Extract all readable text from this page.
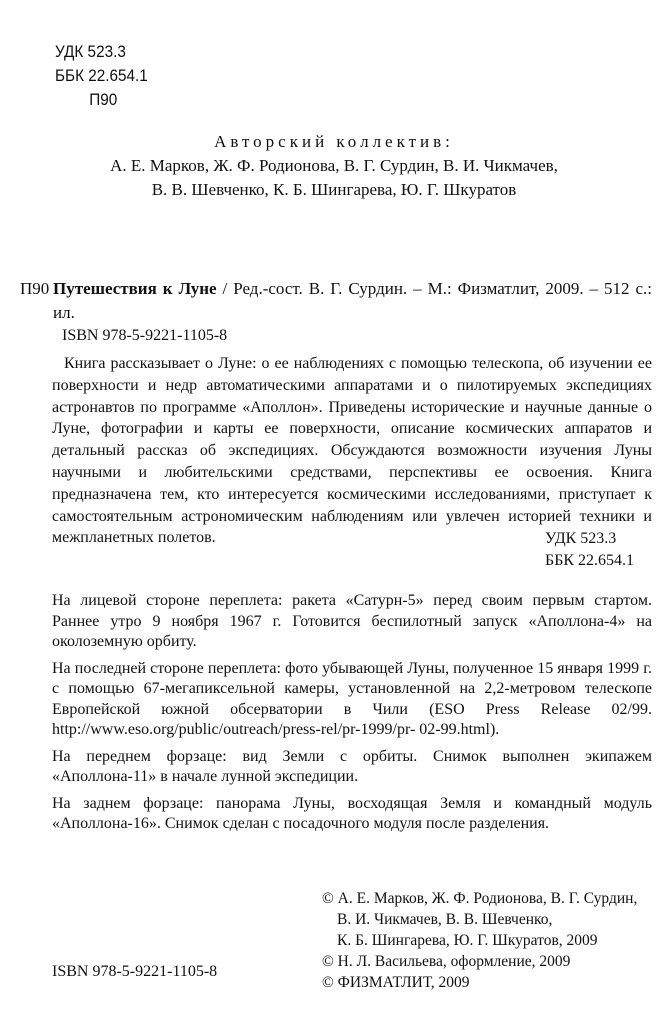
УДК 523.3
ББК 22.654.1
П90
Авторский коллектив:
А. Е. Марков, Ж. Ф. Родионова, В. Г. Сурдин, В. И. Чикмачев,
В. В. Шевченко, К. Б. Шингарева, Ю. Г. Шкуратов
П90 Путешествия к Луне / Ред.-сост. В. Г. Сурдин. – М.: Физматлит, 2009. – 512 с.: ил.
ISBN 978-5-9221-1105-8
Книга рассказывает о Луне: о ее наблюдениях с помощью телескопа, об изучении ее поверхности и недр автоматическими аппаратами и о пилотируемых экспедициях астронавтов по программе «Аполлон». Приведены исторические и научные данные о Луне, фотографии и карты ее поверхности, описание космических аппаратов и детальный рассказ об экспедициях. Обсуждаются возможности изучения Луны научными и любительскими средствами, перспективы ее освоения. Книга предназначена тем, кто интересуется космическими исследованиями, приступает к самостоятельным астрономическим наблюдениям или увлечен историей техники и межпланетных полетов.	УДК 523.3
ББК 22.654.1

На лицевой стороне переплета: ракета «Сатурн-5» перед своим первым стартом. Раннее утро 9 ноября 1967 г. Готовится беспилотный запуск «Аполлона-4» на околоземную орбиту.

На последней стороне переплета: фото убывающей Луны, полученное 15 января 1999 г. с помощью 67-мегапиксельной камеры, установленной на 2,2-метровом телескопе Европейской южной обсерватории в Чили (ESO Press Release 02/99. http://www.eso.org/public/outreach/press-rel/pr-1999/pr- 02-99.html).

На переднем форзаце: вид Земли с орбиты. Снимок выполнен экипажем «Аполлона-11» в начале лунной экспедиции.

На заднем форзаце: панорама Луны, восходящая Земля и командный модуль «Аполлона-16». Снимок сделан с посадочного модуля после разделения.

© А. Е. Марков, Ж. Ф. Родионова, В. Г. Сурдин,
В. И. Чикмачев, В. В. Шевченко,
К. Б. Шингарева, Ю. Г. Шкуратов, 2009
© Н. Л. Васильева, оформление, 2009
© ФИЗМАТЛИТ, 2009
ISBN 978-5-9221-1105-8
